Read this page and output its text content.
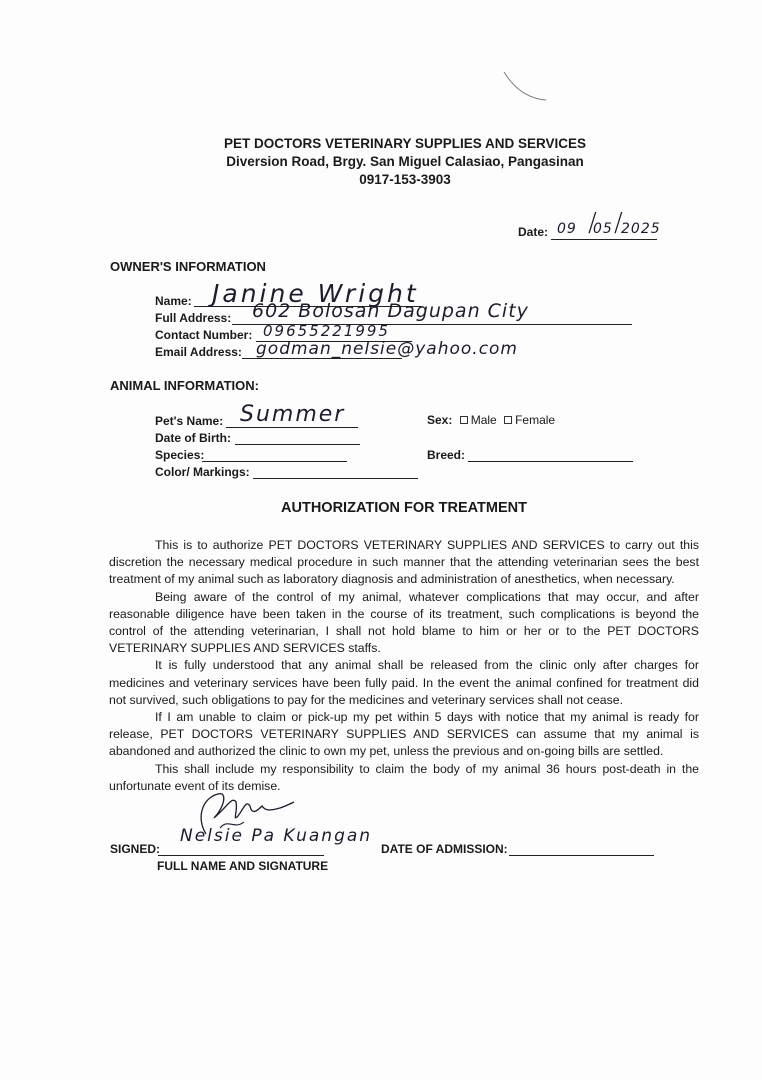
PET DOCTORS VETERINARY SUPPLIES AND SERVICES
Diversion Road, Brgy. San Miguel Calasiao, Pangasinan
0917-153-3903
Date: 09 /
05 /
2025
OWNER'S INFORMATION
Name: Janine Wright
Full Address: 602 Bolosan Dagupan City
Contact Number: 09655221995
Email Address: godman_nelsie@yahoo.com
ANIMAL INFORMATION:
Pet's Name: Summer	Sex: Male Female
Date of Birth:
Species:	Breed:
Color/ Markings:
AUTHORIZATION FOR TREATMENT

This is to authorize PET DOCTORS VETERINARY SUPPLIES AND SERVICES to carry out this discretion the necessary medical procedure in such manner that the attending veterinarian sees the best treatment of my animal such as laboratory diagnosis and administration of anesthetics, when necessary.

Being aware of the control of my animal, whatever complications that may occur, and after reasonable diligence have been taken in the course of its treatment, such complications is beyond the control of the attending veterinarian, I shall not hold blame to him or her or to the PET DOCTORS VETERINARY SUPPLIES AND SERVICES staffs.

It is fully understood that any animal shall be released from the clinic only after charges for medicines and veterinary services have been fully paid. In the event the animal confined for treatment did not survived, such obligations to pay for the medicines and veterinary services shall not cease.

If I am unable to claim or pick-up my pet within 5 days with notice that my animal is ready for release, PET DOCTORS VETERINARY SUPPLIES AND SERVICES can assume that my animal is abandoned and authorized the clinic to own my pet, unless the previous and on-going bills are settled.

This shall include my responsibility to claim the body of my animal 36 hours post-death in the unfortunate event of its demise.

SIGNED:
Nelsie Pa Kuangan
FULL NAME AND SIGNATURE
DATE OF ADMISSION:
